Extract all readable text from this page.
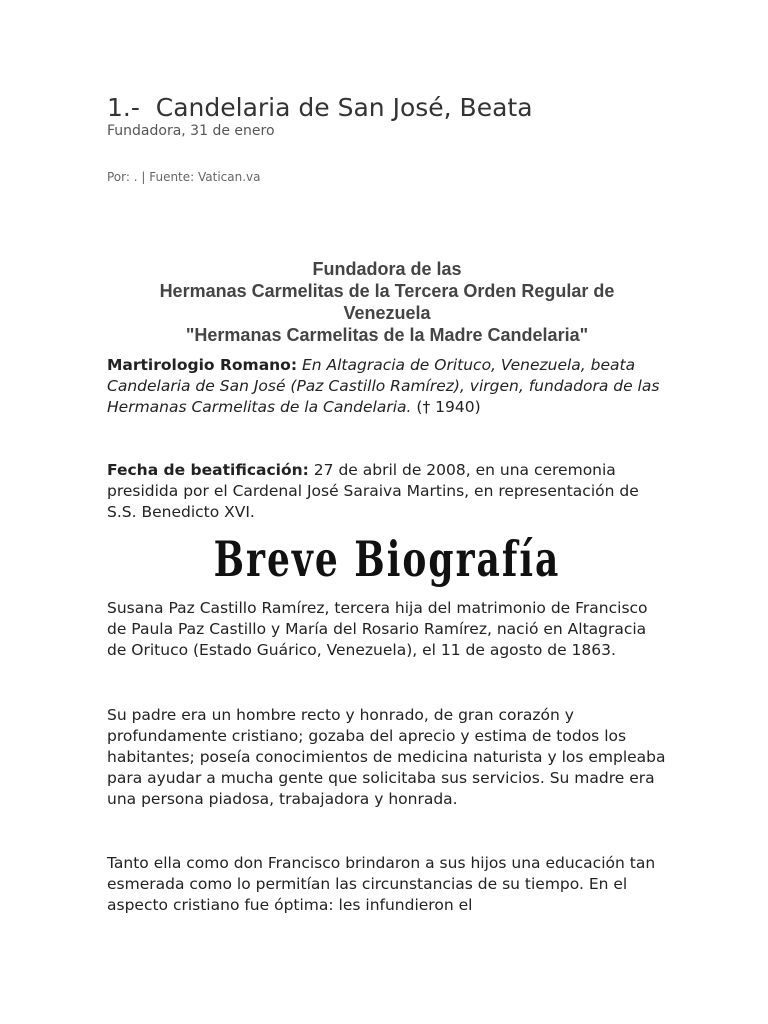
1.-  Candelaria de San José, Beata
Fundadora, 31 de enero
Por: . | Fuente: Vatican.va
Fundadora de las
Hermanas Carmelitas de la Tercera Orden Regular de
Venezuela
"Hermanas Carmelitas de la Madre Candelaria"

Martirologio Romano: En Altagracia de Orituco, Venezuela, beata Candelaria de San José (Paz Castillo Ramírez), virgen, fundadora de las Hermanas Carmelitas de la Candelaria. († 1940)

Fecha de beatificación: 27 de abril de 2008, en una ceremonia presidida por el Cardenal José Saraiva Martins, en representación de S.S. Benedicto XVI.

Breve Biografía

Susana Paz Castillo Ramírez, tercera hija del matrimonio de Francisco de Paula Paz Castillo y María del Rosario Ramírez, nació en Altagracia de Orituco (Estado Guárico, Venezuela), el 11 de agosto de 1863.

Su padre era un hombre recto y honrado, de gran corazón y profundamente cristiano; gozaba del aprecio y estima de todos los habitantes; poseía conocimientos de medicina naturista y los empleaba para ayudar a mucha gente que solicitaba sus servicios. Su madre era una persona piadosa, trabajadora y honrada.

Tanto ella como don Francisco brindaron a sus hijos una educación tan esmerada como lo permitían las circunstancias de su tiempo. En el aspecto cristiano fue óptima: les infundieron el
